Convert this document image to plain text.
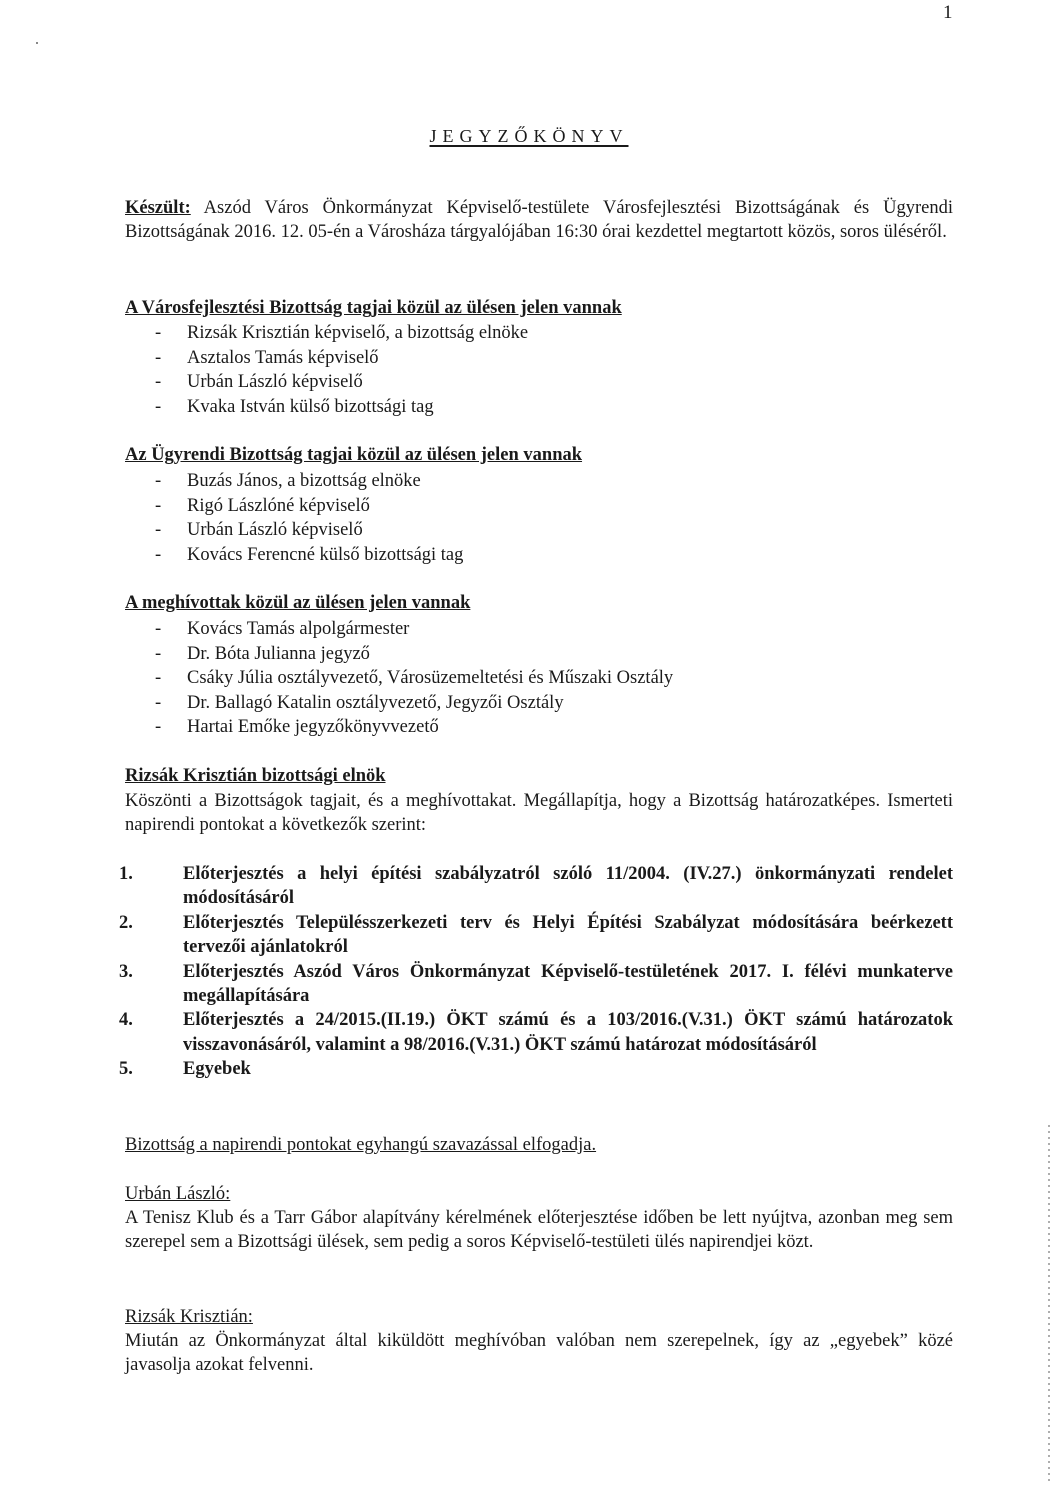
1
JEGYZŐKÖNYV
Készült: Aszód Város Önkormányzat Képviselő-testülete Városfejlesztési Bizottságának és Ügyrendi Bizottságának 2016. 12. 05-én a Városháza tárgyalójában 16:30 órai kezdettel megtartott közös, soros üléséről.
A Városfejlesztési Bizottság tagjai közül az ülésen jelen vannak
- Rizsák Krisztián képviselő, a bizottság elnöke
- Asztalos Tamás képviselő
- Urbán László képviselő
- Kvaka István külső bizottsági tag
Az Ügyrendi Bizottság tagjai közül az ülésen jelen vannak
- Buzás János, a bizottság elnöke
- Rigó Lászlóné képviselő
- Urbán László képviselő
- Kovács Ferencné külső bizottsági tag
A meghívottak közül az ülésen jelen vannak
- Kovács Tamás alpolgármester
- Dr. Bóta Julianna jegyző
- Csáky Júlia osztályvezető, Városüzemeltetési és Műszaki Osztály
- Dr. Ballagó Katalin osztályvezető, Jegyzői Osztály
- Hartai Emőke jegyzőkönyvvezető
Rizsák Krisztián bizottsági elnök
Köszönti a Bizottságok tagjait, és a meghívottakat. Megállapítja, hogy a Bizottság határozatképes. Ismerteti napirendi pontokat a következők szerint:
1.	Előterjesztés a helyi építési szabályzatról szóló 11/2004. (IV.27.) önkormányzati rendelet módosításáról
2.	Előterjesztés Településszerkezeti terv és Helyi Építési Szabályzat módosítására beérkezett tervezői ajánlatokról
3.	Előterjesztés Aszód Város Önkormányzat Képviselő-testületének 2017. I. félévi munkaterve megállapítására
4.	Előterjesztés a 24/2015.(II.19.) ÖKT számú és a 103/2016.(V.31.) ÖKT számú határozatok visszavonásáról, valamint a 98/2016.(V.31.) ÖKT számú határozat módosításáról
5.	Egyebek
Bizottság a napirendi pontokat egyhangú szavazással elfogadja.
Urbán László:
A Tenisz Klub és a Tarr Gábor alapítvány kérelmének előterjesztése időben be lett nyújtva, azonban meg sem szerepel sem a Bizottsági ülések, sem pedig a soros Képviselő-testületi ülés napirendjei közt.
Rizsák Krisztián:
Miután az Önkormányzat által kiküldött meghívóban valóban nem szerepelnek, így az „egyebek” közé javasolja azokat felvenni.
